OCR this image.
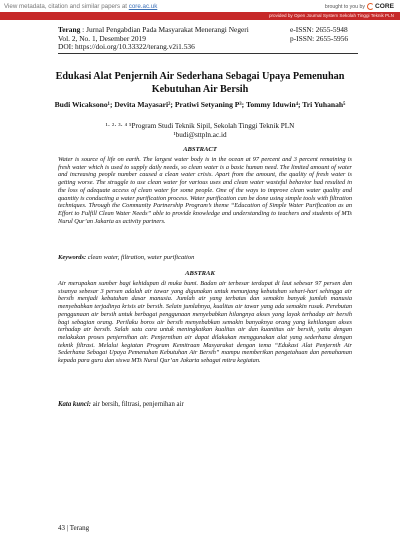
View metadata, citation and similar papers at core.ac.uk	brought to you by CORE
provided by Open Journal System Sekolah Tinggi Teknik PLN
Terang : Jurnal Pengabdian Pada Masyarakat Menerangi Negeri
Vol. 2, No. 1, Desember 2019
DOI: https://doi.org/10.33322/terang.v2i1.536
e-ISSN: 2655-5948
p-ISSN: 2655-5956
Edukasi Alat Penjernih Air Sederhana Sebagai Upaya Pemenuhan
Kebutuhan Air Bersih
Budi Wicaksono¹; Devita Mayasari²; Pratiwi Setyaning P³; Tommy Iduwin⁴; Tri Yuhanah⁵
¹· ²· ³· ⁴ ⁵Program Studi Teknik Sipil, Sekolah Tinggi Teknik PLN
¹budi@sttpln.ac.id
ABSTRACT
Water is source of life on earth. The largest water body is in the ocean at 97 percent and 3 percent remaining is fresh water which is used to supply daily needs, so clean water is a basic human need. The limited amount of water and increasing people number caused a clean water crisis. Apart from the amount, the quality of fresh water is getting worse. The struggle to use clean water for various uses and clean water wasteful behavior had resulted in the loss of adequate access of clean water for some people. One of the ways to improve clean water quality and quantity is conducting a water purification process. Water purification can be done using simple tools with filtration techniques. Through the Community Partnership Program’s theme “Education of Simple Water Purification as an Effort to Fulfill Clean Water Needs” able to provide knowledge and understanding to teachers and students of MTs Nurul Qur’an Jakarta as activity partners.
Keywords: clean water, filtration, water purification
ABSTRAK
Air merupakan sumber bagi kehidupan di muka bumi. Badan air terbesar terdapat di laut sebesar 97 persen dan sisanya sebesar 3 persen adalah air tawar yang digunakan untuk menunjang kebutuhan sehari-hari sehingga air bersih menjadi kebutuhan dasar manusia. Jumlah air yang terbatas dan semakin banyak jumlah manusia menyebabkan terjadinya krisis air bersih. Selain jumlahnya, kualitas air tawar yang ada semakin rusak. Perebutan penggunaan air bersih untuk berbagai penggunaan menyebabkan hilangnya akses yang layak terhadap air bersih bagi sebagian orang. Perilaku boros air bersih menyebabkan semakin banyaknya orang yang kehilangan akses terhadap air bersih. Salah satu cara untuk meningkatkan kualitas air dan kuantitas air bersih, yaitu dengan melakukan proses penjernihan air. Penjernihan air dapat dilakukan menggunakan alat yang sederhana dengan teknik filtrasi. Melalui kegiatan Program Kemitraan Masyarakat dengan tema “Edukasi Alat Penjernih Air Sederhana Sebagai Upaya Pemenuhan Kebutuhan Air Bersih” mampu memberikan pengetahuan dan pemahaman kepada para guru dan siswa MTs Nurul Qur’an Jakarta sebagai mitra kegiatan.
Kata kunci: air bersih, filtrasi, penjernihan air
43 | Terang
